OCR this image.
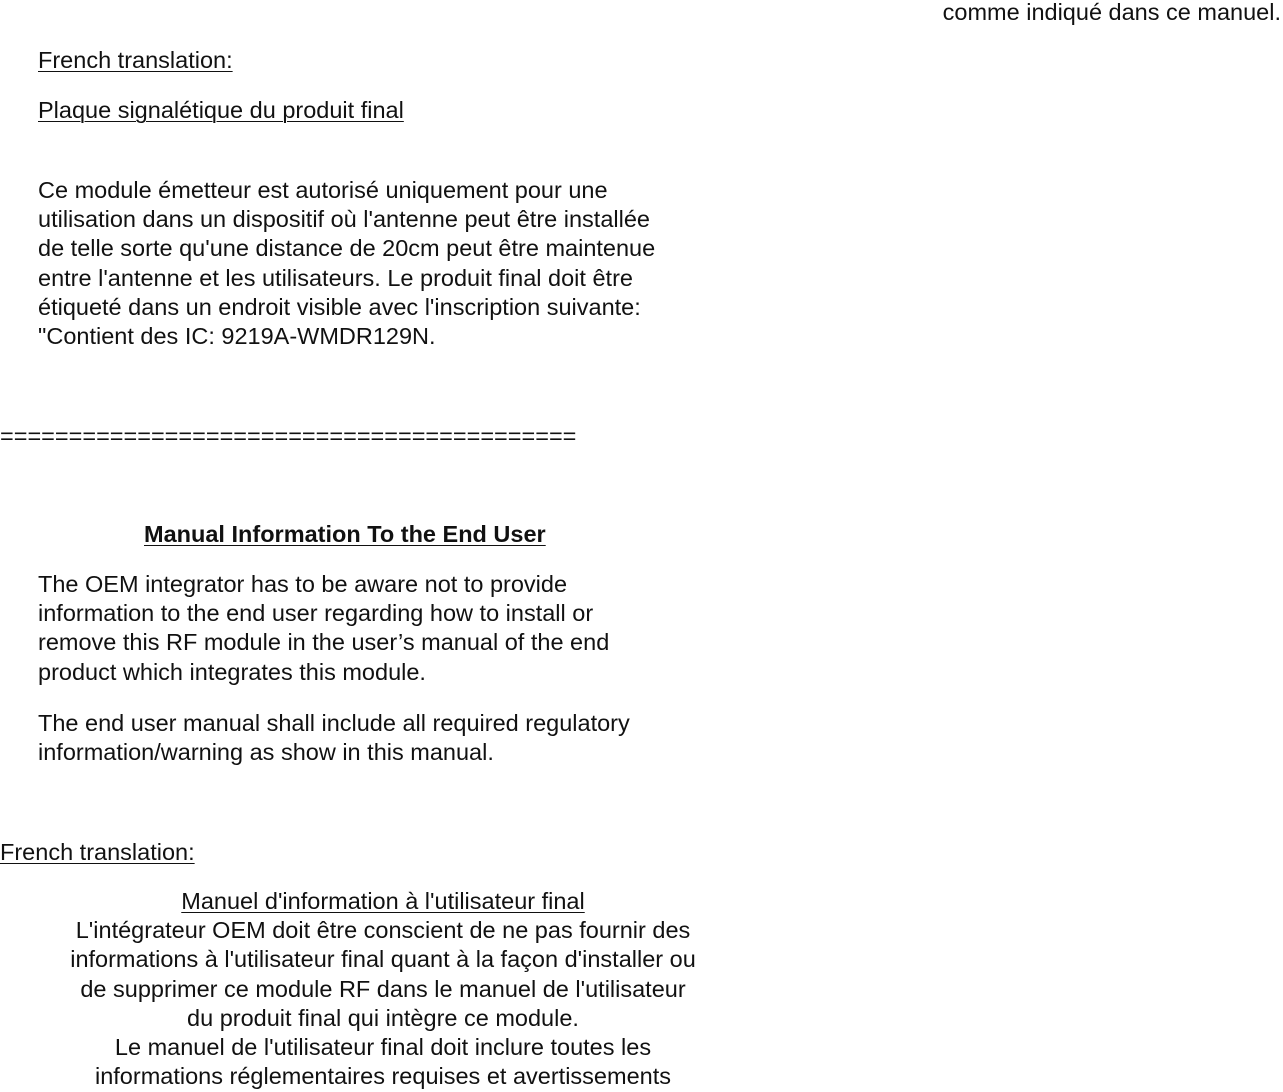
comme indiqué dans ce manuel.

French translation:

Plaque signalétique du produit final

Ce module émetteur est autorisé uniquement pour une
utilisation dans un dispositif où l'antenne peut être installée
de telle sorte qu'une distance de 20cm peut être maintenue
entre l'antenne et les utilisateurs. Le produit final doit être
étiqueté dans un endroit visible avec l'inscription suivante:
"Contient des IC: 9219A-WMDR129N.

==========================================

Manual Information To the End User

The OEM integrator has to be aware not to provide
information to the end user regarding how to install or
remove this RF module in the user’s manual of the end
product which integrates this module.
The end user manual shall include all required regulatory
information/warning as show in this manual.

French translation:

Manuel d'information à l'utilisateur final
L'intégrateur OEM doit être conscient de ne pas fournir des
informations à l'utilisateur final quant à la façon d'installer ou
de supprimer ce module RF dans le manuel de l'utilisateur
du produit final qui intègre ce module.
Le manuel de l'utilisateur final doit inclure toutes les
informations réglementaires requises et avertissements
